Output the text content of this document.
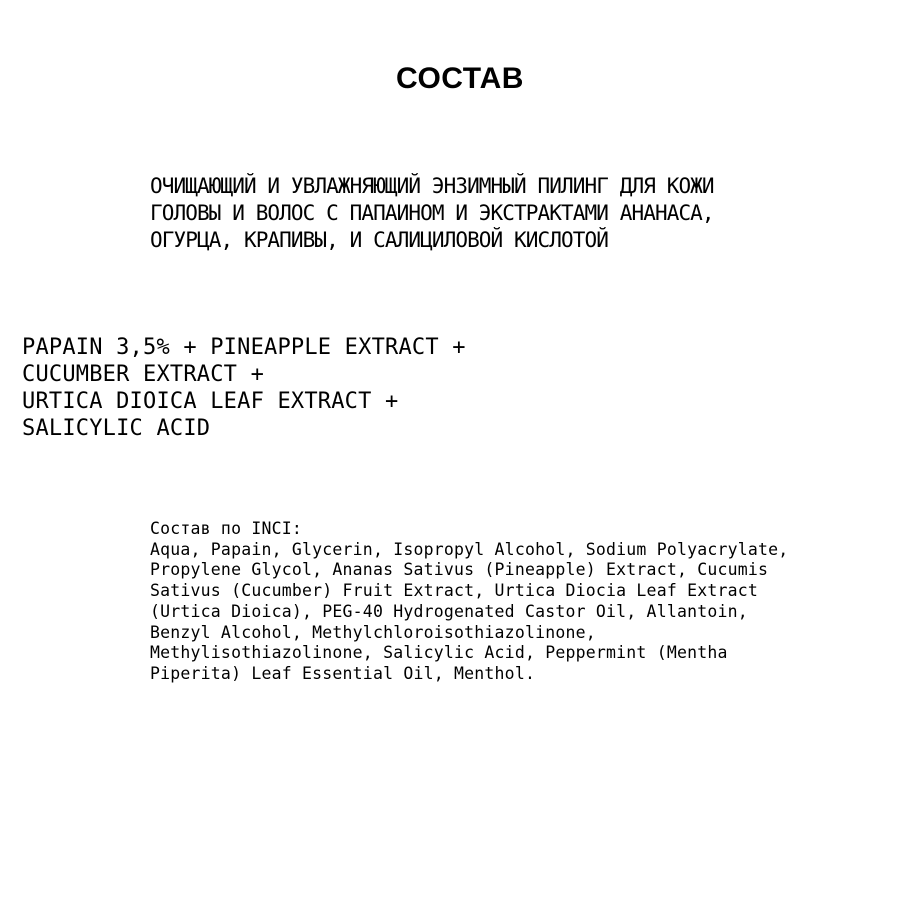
СОСТАВ
ОЧИЩАЮЩИЙ И УВЛАЖНЯЮЩИЙ ЭНЗИМНЫЙ ПИЛИНГ ДЛЯ КОЖИ
ГОЛОВЫ И ВОЛОС С ПАПАИНОМ И ЭКСТРАКТАМИ АНАНАСА,
ОГУРЦА, КРАПИВЫ, И САЛИЦИЛОВОЙ КИСЛОТОЙ
PAPAIN 3,5% + PINEAPPLE EXTRACT +
CUCUMBER EXTRACT +
URTICA DIOICA LEAF EXTRACT +
SALICYLIC ACID
Состав по INCI:
Aqua, Papain, Glycerin, Isopropyl Alcohol, Sodium Polyacrylate,
Propylene Glycol, Ananas Sativus (Pineapple) Extract, Cucumis
Sativus (Cucumber) Fruit Extract, Urtica Diocia Leaf Extract
(Urtica Dioica), PEG-40 Hydrogenated Castor Oil, Allantoin,
Benzyl Alcohol, Methylchloroisothiazolinone,
Methylisothiazolinone, Salicylic Acid, Peppermint (Mentha
Piperita) Leaf Essential Oil, Menthol.
